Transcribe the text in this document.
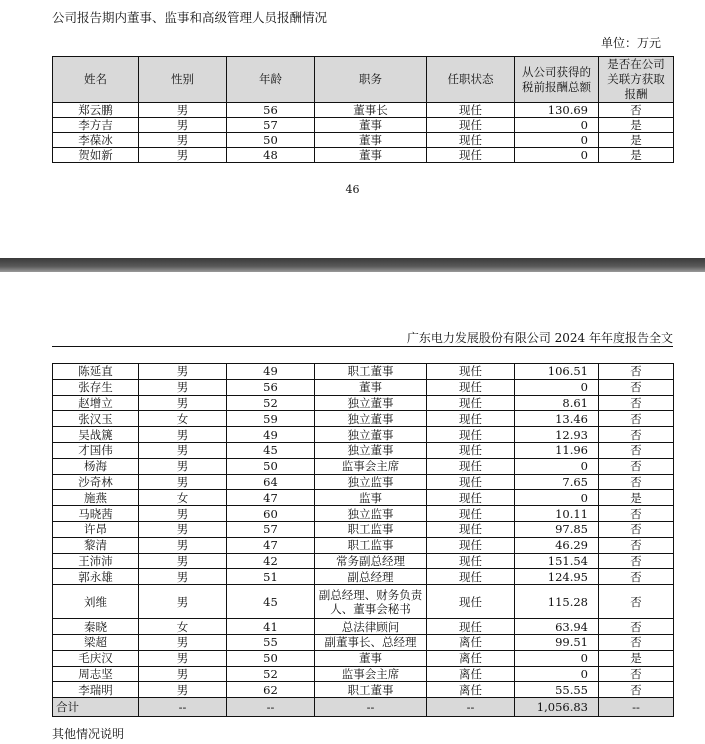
公司报告期内董事、监事和高级管理人员报酬情况
单位：万元
姓名	性别	年龄	职务	任职状态	从公司获得的税前报酬总额	是否在公司关联方获取报酬
郑云鹏	男	56	董事长	现任	130.69	否
李方吉	男	57	董事	现任	0	是
李葆冰	男	50	董事	现任	0	是
贺如新	男	48	董事	现任	0	是
46
广东电力发展股份有限公司 2024 年年度报告全文
陈延直	男	49	职工董事	现任	106.51	否
张存生	男	56	董事	现任	0	否
赵增立	男	52	独立董事	现任	8.61	否
张汉玉	女	59	独立董事	现任	13.46	否
吴战篪	男	49	独立董事	现任	12.93	否
才国伟	男	45	独立董事	现任	11.96	否
杨海	男	50	监事会主席	现任	0	否
沙奇林	男	64	独立监事	现任	7.65	否
施燕	女	47	监事	现任	0	是
马晓茜	男	60	独立监事	现任	10.11	否
许昂	男	57	职工监事	现任	97.85	否
黎清	男	47	职工监事	现任	46.29	否
王沛沛	男	42	常务副总经理	现任	151.54	否
郭永雄	男	51	副总经理	现任	124.95	否
刘维	男	45	副总经理、财务负责人、董事会秘书	现任	115.28	否
秦晓	女	41	总法律顾问	现任	63.94	否
梁超	男	55	副董事长、总经理	离任	99.51	否
毛庆汉	男	50	董事	离任	0	是
周志坚	男	52	监事会主席	离任	0	否
李瑞明	男	62	职工董事	离任	55.55	否
合计	--	--	--	--	1,056.83	--
其他情况说明
